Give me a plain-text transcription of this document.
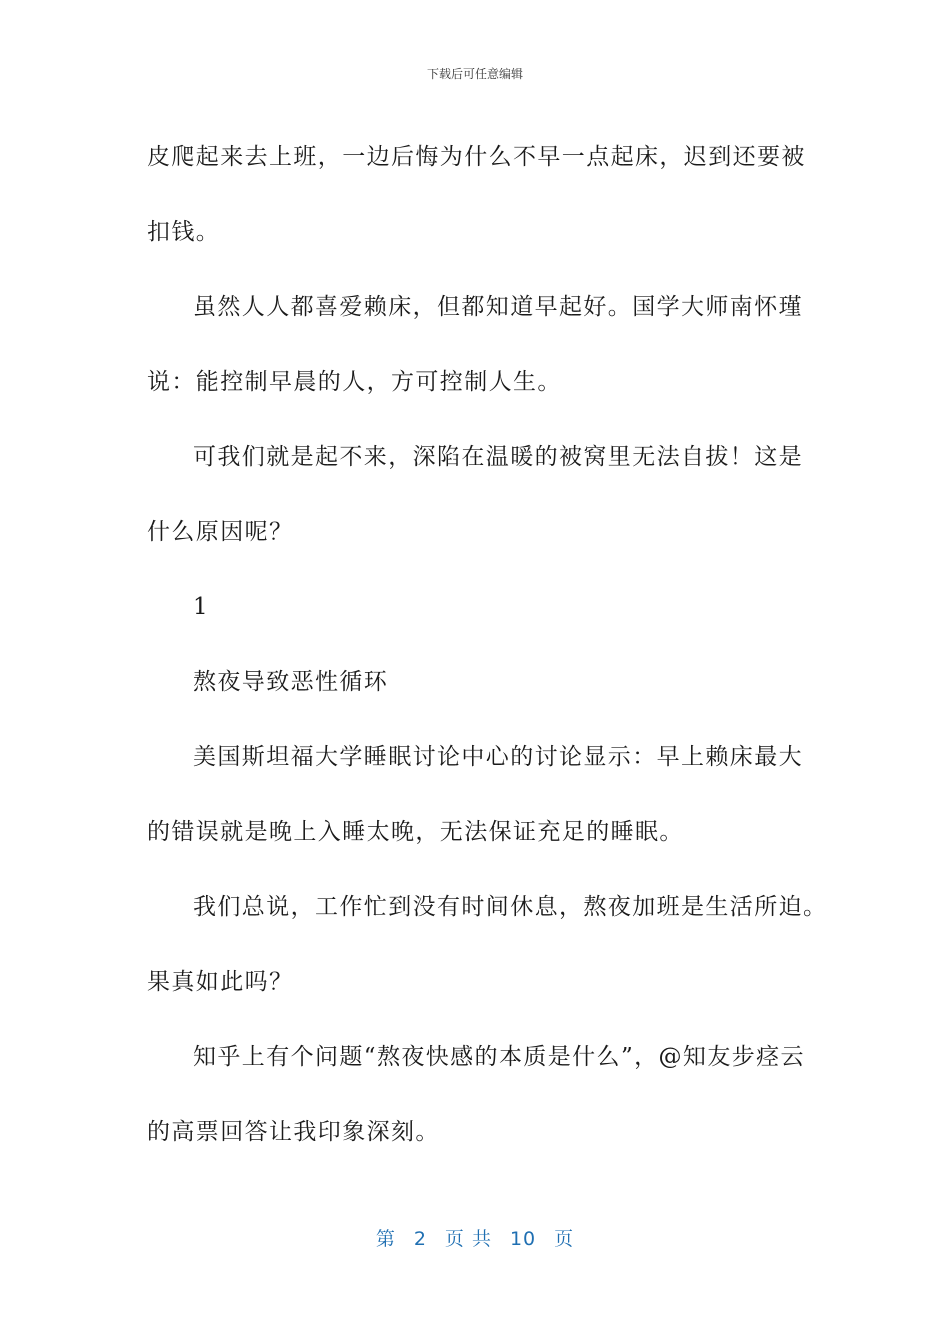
下载后可任意编辑

皮爬起来去上班，一边后悔为什么不早一点起床，迟到还要被

扣钱。

虽然人人都喜爱赖床，但都知道早起好。国学大师南怀瑾

说：能控制早晨的人，方可控制人生。

可我们就是起不来，深陷在温暖的被窝里无法自拔！这是

什么原因呢？

1

熬夜导致恶性循环

美国斯坦福大学睡眠讨论中心的讨论显示：早上赖床最大

的错误就是晚上入睡太晚，无法保证充足的睡眠。

我们总说，工作忙到没有时间休息，熬夜加班是生活所迫。

果真如此吗？

知乎上有个问题“熬夜快感的本质是什么”，@知友步痉云

的高票回答让我印象深刻。

第 2 页 共 10 页
